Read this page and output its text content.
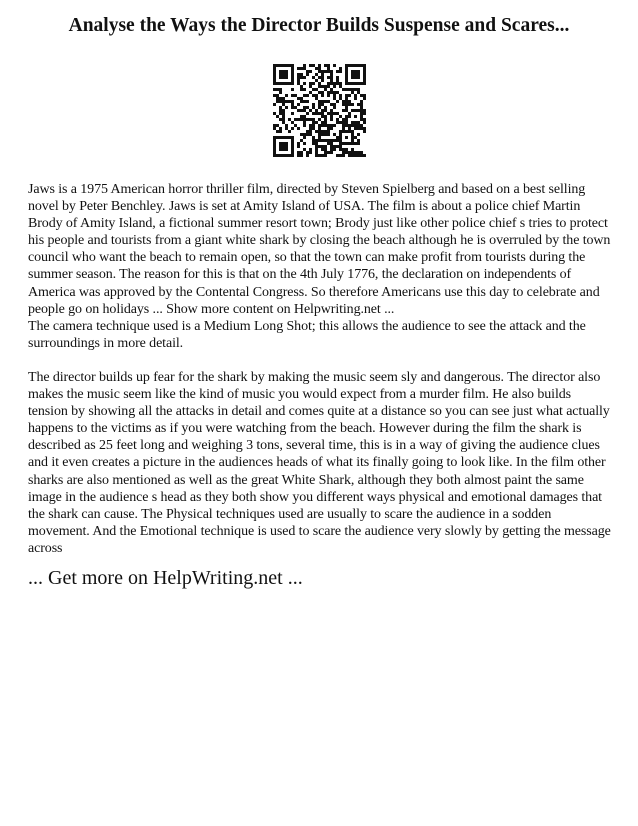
Analyse the Ways the Director Builds Suspense and Scares...

Jaws is a 1975 American horror thriller film, directed by Steven Spielberg and based on a best selling novel by Peter Benchley. Jaws is set at Amity Island of USA. The film is about a police chief Martin Brody of Amity Island, a fictional summer resort town; Brody just like other police chief s tries to protect his people and tourists from a giant white shark by closing the beach although he is overruled by the town council who want the beach to remain open, so that the town can make profit from tourists during the summer season. The reason for this is that on the 4th July 1776, the declaration on independents of America was approved by the Contental Congress. So therefore Americans use this day to celebrate and people go on holidays ... Show more content on Helpwriting.net ...

The camera technique used is a Medium Long Shot; this allows the audience to see the attack and the surroundings in more detail.

The director builds up fear for the shark by making the music seem sly and dangerous. The director also makes the music seem like the kind of music you would expect from a murder film. He also builds tension by showing all the attacks in detail and comes quite at a distance so you can see just what actually happens to the victims as if you were watching from the beach. However during the film the shark is described as 25 feet long and weighing 3 tons, several time, this is in a way of giving the audience clues and it even creates a picture in the audiences heads of what its finally going to look like. In the film other sharks are also mentioned as well as the great White Shark, although they both almost paint the same image in the audience s head as they both show you different ways physical and emotional damages that the shark can cause. The Physical techniques used are usually to scare the audience in a sodden movement. And the Emotional technique is used to scare the audience very slowly by getting the message across

... Get more on HelpWriting.net ...
